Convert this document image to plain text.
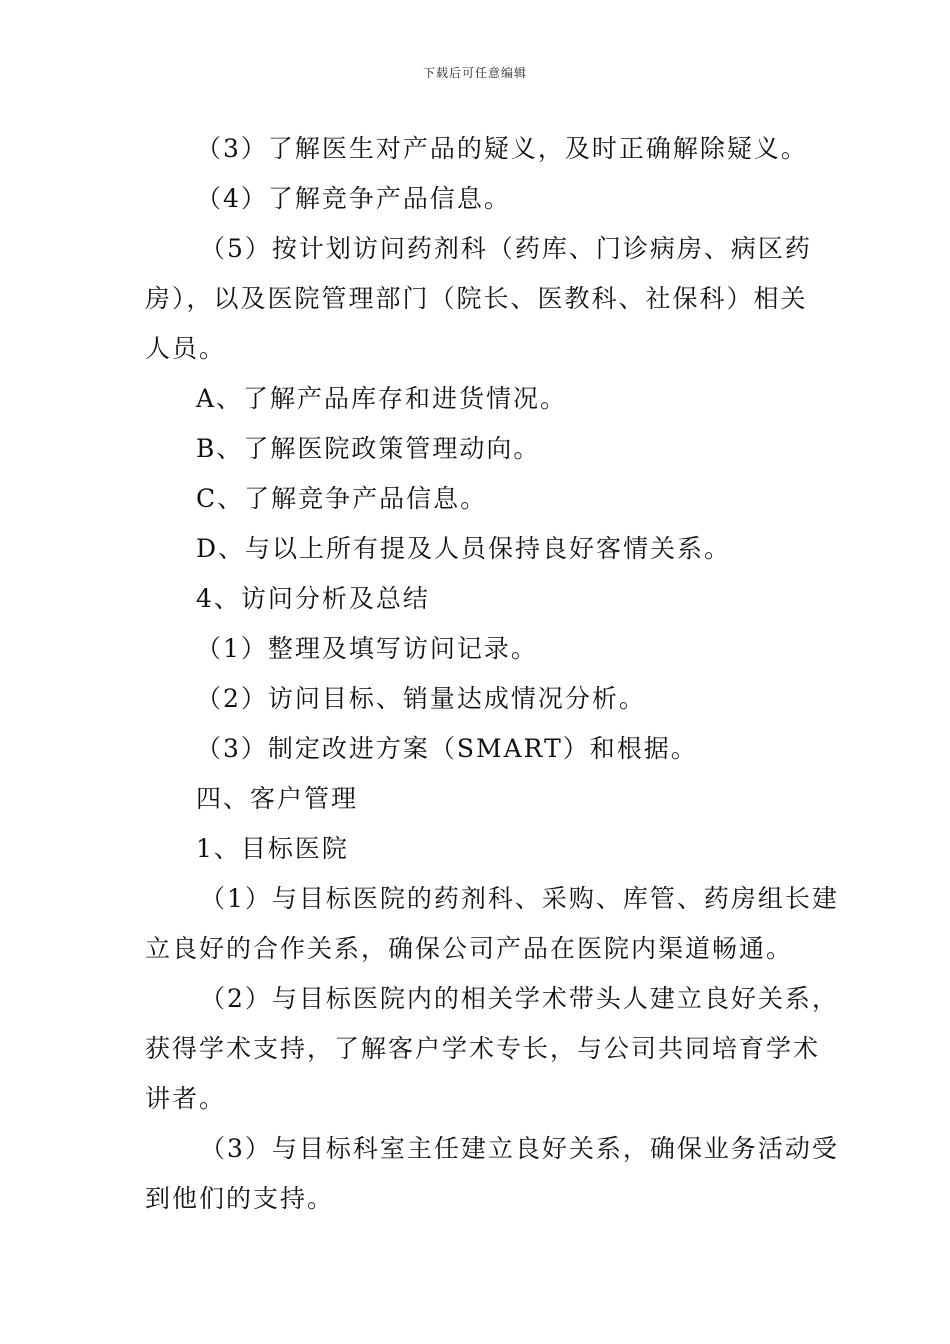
下载后可任意编辑
（3）了解医生对产品的疑义，及时正确解除疑义。
（4）了解竞争产品信息。
（5）按计划访问药剂科（药库、门诊病房、病区药
房），以及医院管理部门（院长、医教科、社保科）相关
人员。
A、了解产品库存和进货情况。
B、了解医院政策管理动向。
C、了解竞争产品信息。
D、与以上所有提及人员保持良好客情关系。
4、访问分析及总结
（1）整理及填写访问记录。
（2）访问目标、销量达成情况分析。
（3）制定改进方案（SMART）和根据。
四、客户管理
1、目标医院
（1）与目标医院的药剂科、采购、库管、药房组长建
立良好的合作关系，确保公司产品在医院内渠道畅通。
（2）与目标医院内的相关学术带头人建立良好关系，
获得学术支持，了解客户学术专长，与公司共同培育学术
讲者。
（3）与目标科室主任建立良好关系，确保业务活动受
到他们的支持。
